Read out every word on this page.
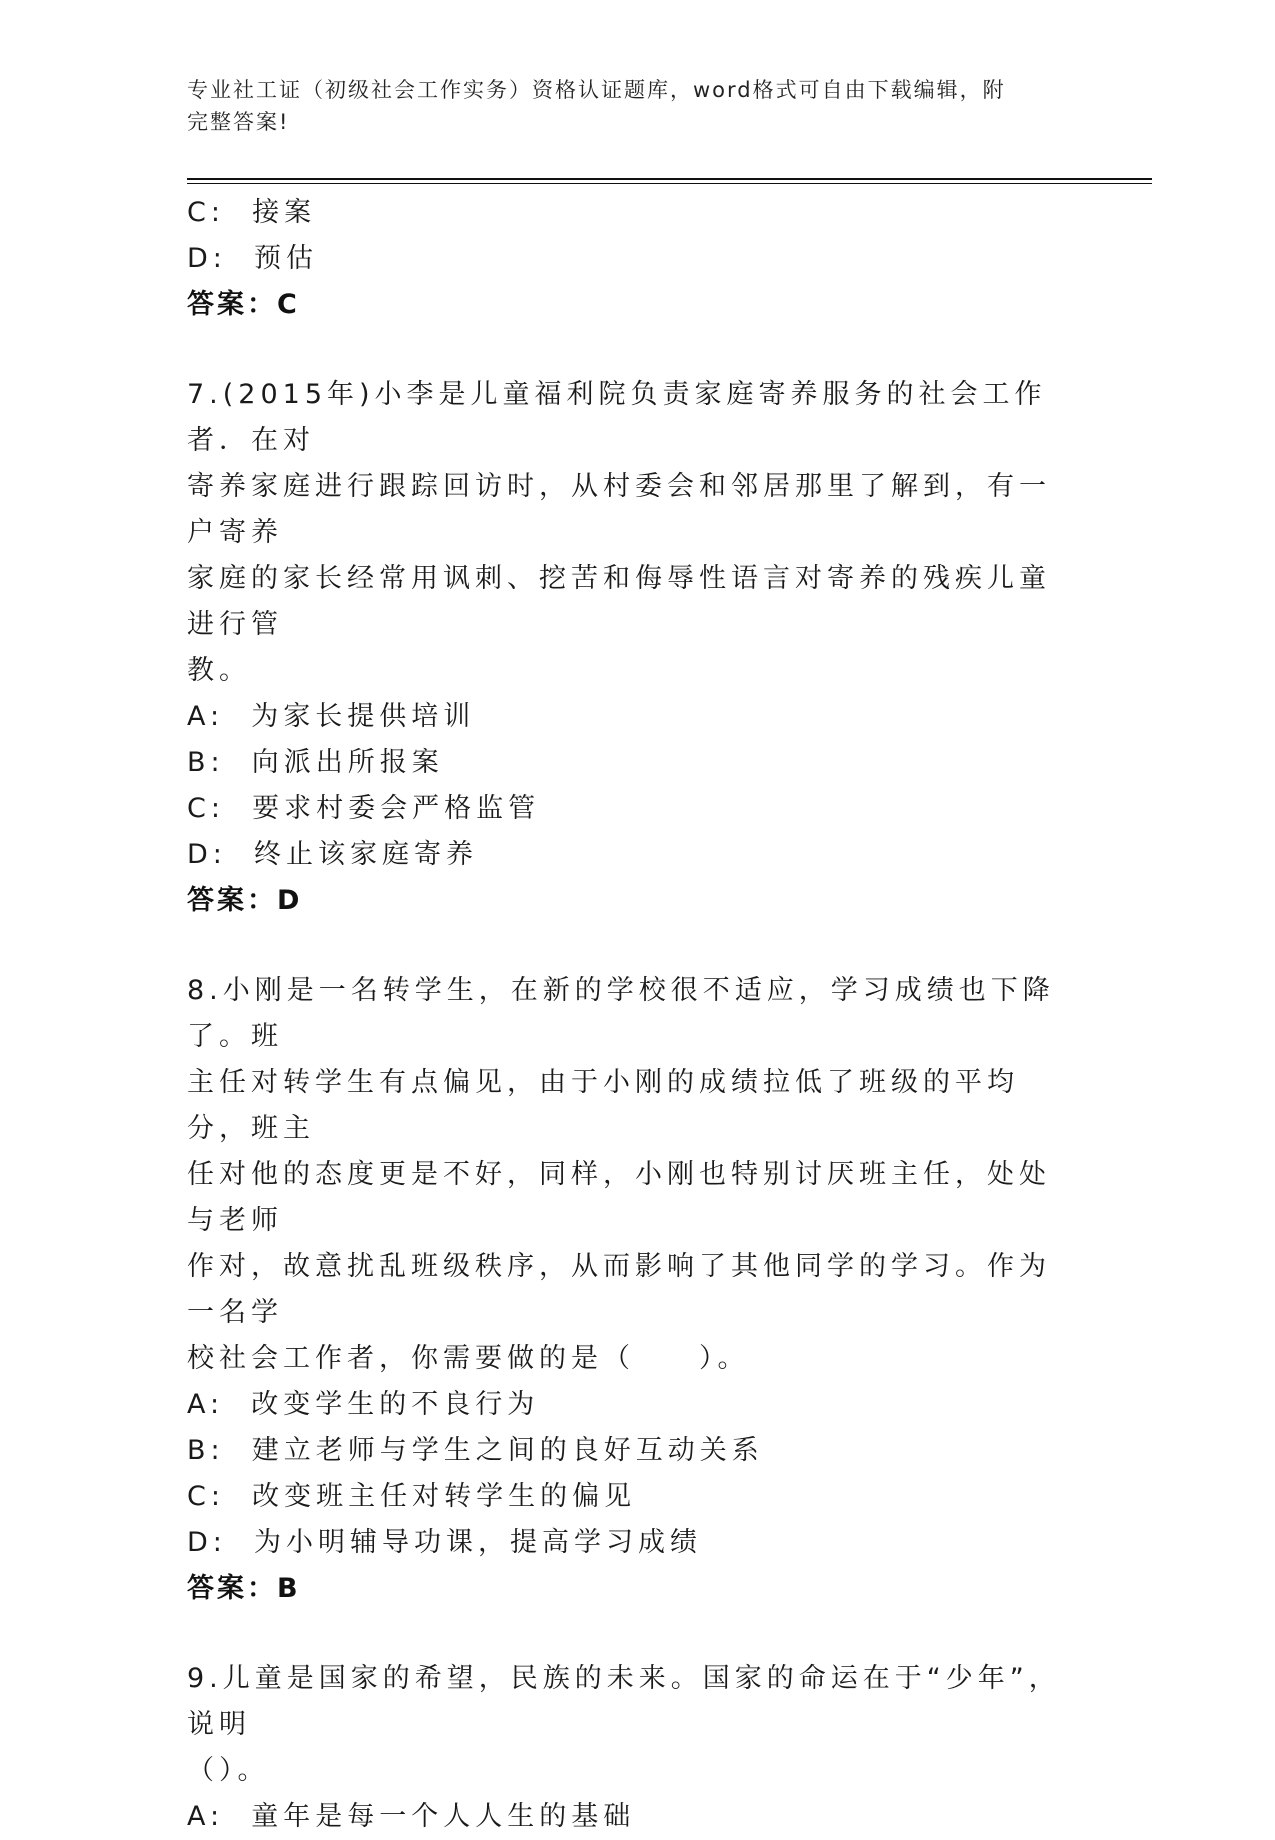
专业社工证（初级社会工作实务）资格认证题库，word格式可自由下载编辑，附
完整答案!
C:  接案
D:  预估
答案：C
7.(2015年)小李是儿童福利院负责家庭寄养服务的社会工作者．在对
寄养家庭进行跟踪回访时，从村委会和邻居那里了解到，有一户寄养
家庭的家长经常用讽刺、挖苦和侮辱性语言对寄养的残疾儿童进行管
教。
A:  为家长提供培训
B:  向派出所报案
C:  要求村委会严格监管
D:  终止该家庭寄养
答案：D
8.小刚是一名转学生，在新的学校很不适应，学习成绩也下降了。班
主任对转学生有点偏见，由于小刚的成绩拉低了班级的平均分，班主
任对他的态度更是不好，同样，小刚也特别讨厌班主任，处处与老师
作对，故意扰乱班级秩序，从而影响了其他同学的学习。作为一名学
校社会工作者，你需要做的是（　　）。
A:  改变学生的不良行为
B:  建立老师与学生之间的良好互动关系
C:  改变班主任对转学生的偏见
D:  为小明辅导功课，提高学习成绩
答案：B
9.儿童是国家的希望，民族的未来。国家的命运在于“少年”，说明
（）。
A:  童年是每一个人人生的基础
